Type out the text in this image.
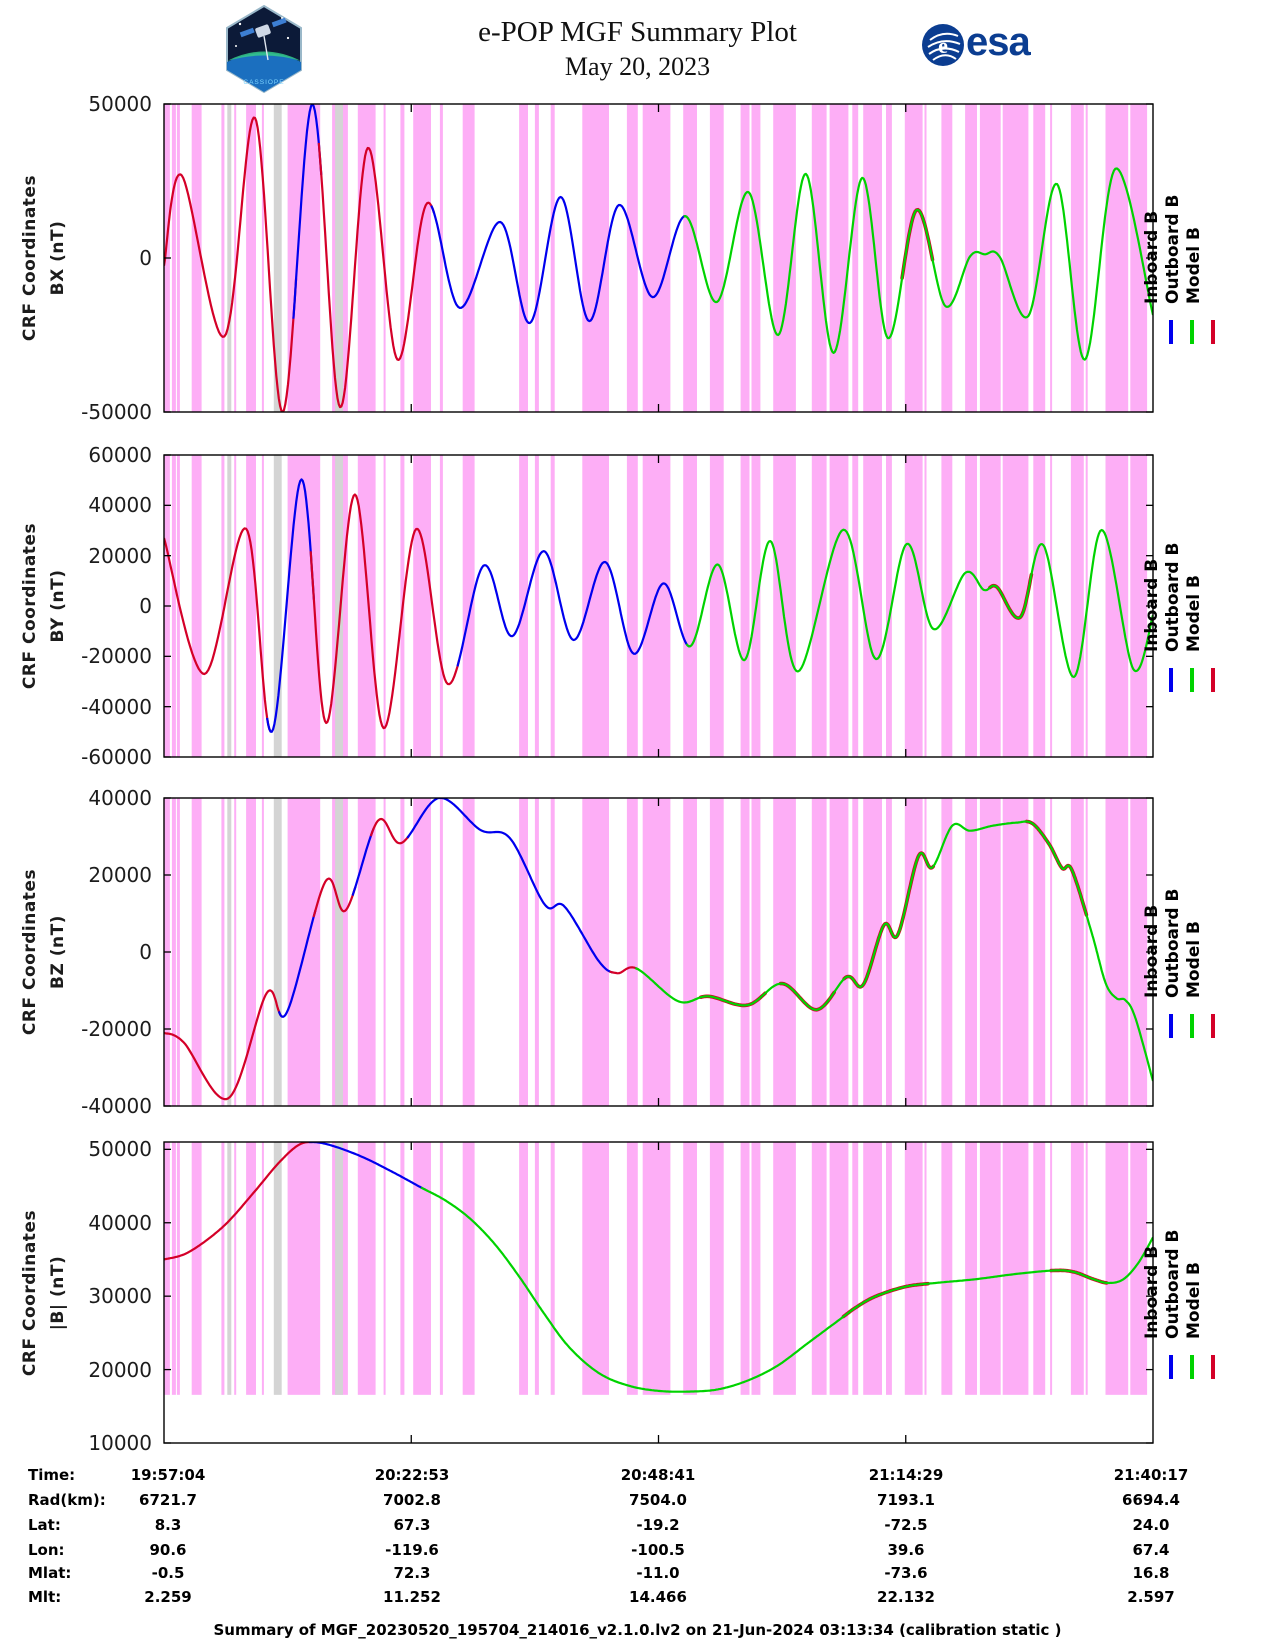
e-POP MGF Summary Plot
May 20, 2023
CASSIOPE
e esa
50000
0
-50000
CRF Coordinates BX (nT)	Inboard B Outboard B Model B
60000
40000
20000
0
-20000
-40000
-60000
CRF Coordinates BY (nT)	Inboard B Outboard B Model B
40000
20000
0
-20000
-40000
CRF Coordinates BZ (nT)	Inboard B Outboard B Model B
50000
40000
30000
20000
10000
CRF Coordinates |B| (nT)	Inboard B Outboard B Model B
Time:	19:57:04	20:22:53	20:48:41	21:14:29	21:40:17
Rad(km):	6721.7	7002.8	7504.0	7193.1	6694.4
Lat:	8.3	67.3	-19.2	-72.5	24.0
Lon:	90.6	-119.6	-100.5	39.6	67.4
Mlat:	-0.5	72.3	-11.0	-73.6	16.8
Mlt:	2.259	11.252	14.466	22.132	2.597
Summary of MGF_20230520_195704_214016_v2.1.0.lv2 on 21-Jun-2024 03:13:34 (calibration static )
